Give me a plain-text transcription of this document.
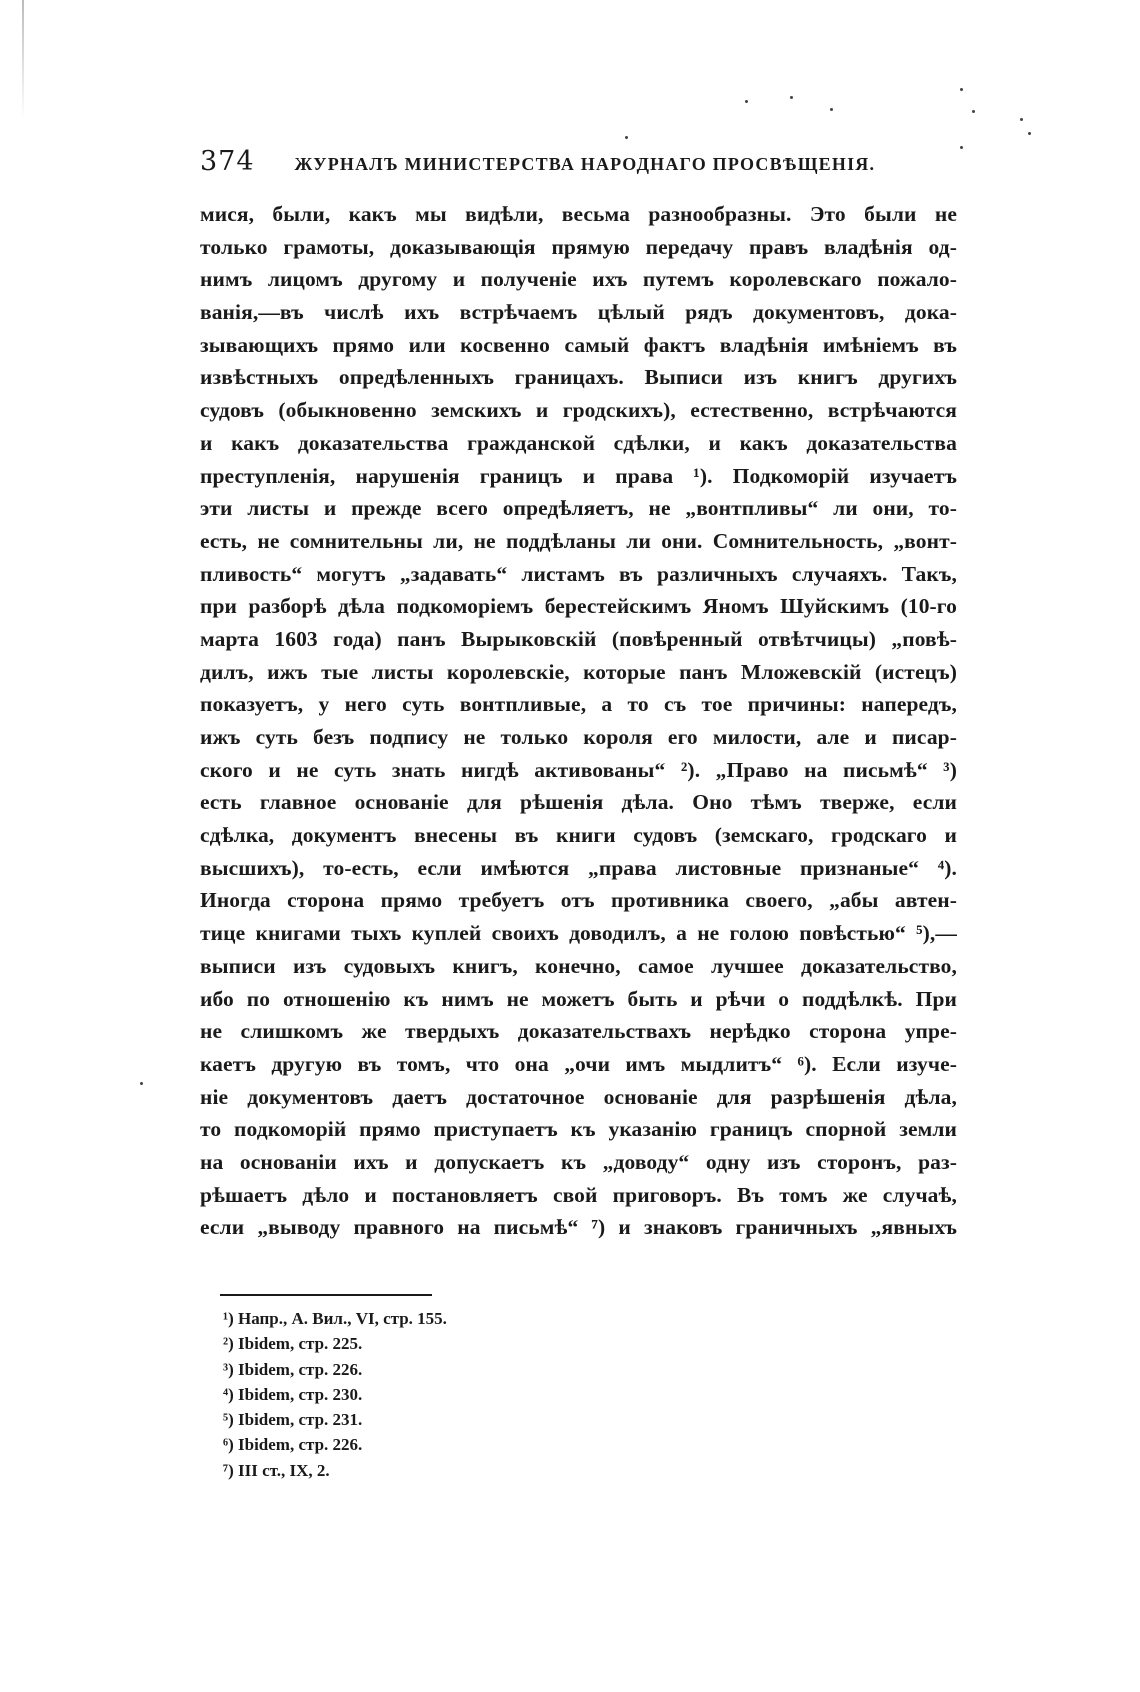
374 ЖУРНАЛЪ МИНИСТЕРСТВА НАРОДНАГО ПРОСВѢЩЕНІЯ.
мися, были, какъ мы видѣли, весьма разнообразны. Это были не
только грамоты, доказывающія прямую передачу правъ владѣнія од-
нимъ лицомъ другому и полученіе ихъ путемъ королевскаго пожало-
ванія,—въ числѣ ихъ встрѣчаемъ цѣлый рядъ документовъ, дока-
зывающихъ прямо или косвенно самый фактъ владѣнія имѣніемъ въ
извѣстныхъ опредѣленныхъ границахъ. Выписи изъ книгъ другихъ
судовъ (обыкновенно земскихъ и гродскихъ), естественно, встрѣчаются
и какъ доказательства гражданской сдѣлки, и какъ доказательства
преступленія, нарушенія границъ и права ¹). Подкоморій изучаетъ
эти листы и прежде всего опредѣляетъ, не „вонтпливы“ ли они, то-
есть, не сомнительны ли, не поддѣланы ли они. Сомнительность, „вонт-
пливость“ могутъ „задавать“ листамъ въ различныхъ случаяхъ. Такъ,
при разборѣ дѣла подкоморіемъ берестейскимъ Яномъ Шуйскимъ (10-го
марта 1603 года) панъ Вырыковскій (повѣренный отвѣтчицы) „повѣ-
дилъ, ижъ тые листы королевскіе, которые панъ Мложевскій (истецъ)
показуетъ, у него суть вонтпливые, а то съ тое причины: напередъ,
ижъ суть безъ подпису не только короля его милости, але и писар-
ского и не суть знать нигдѣ активованы“ ²). „Право на письмѣ“ ³)
есть главное основаніе для рѣшенія дѣла. Оно тѣмъ тверже, если
сдѣлка, документъ внесены въ книги судовъ (земскаго, гродскаго и
высшихъ), то-есть, если имѣются „права листовные признаные“ ⁴).
Иногда сторона прямо требуетъ отъ противника своего, „абы автен-
тице книгами тыхъ куплей своихъ доводилъ, а не голою повѣстью“ ⁵),—
выписи изъ судовыхъ книгъ, конечно, самое лучшее доказательство,
ибо по отношенію къ нимъ не можетъ быть и рѣчи о поддѣлкѣ. При
не слишкомъ же твердыхъ доказательствахъ нерѣдко сторона упре-
каетъ другую въ томъ, что она „очи имъ мыдлитъ“ ⁶). Если изуче-
ніе документовъ даетъ достаточное основаніе для разрѣшенія дѣла,
то подкоморій прямо приступаетъ къ указанію границъ спорной земли
на основаніи ихъ и допускаетъ къ „доводу“ одну изъ сторонъ, раз-
рѣшаетъ дѣло и постановляетъ свой приговоръ. Въ томъ же случаѣ,
если „выводу правного на письмѣ“ ⁷) и знаковъ граничныхъ „явныхъ
¹) Напр., А. Вил., VI, стр. 155.
²) Ibidem, стр. 225.
³) Ibidem, стр. 226.
⁴) Ibidem, стр. 230.
⁵) Ibidem, стр. 231.
⁶) Ibidem, стр. 226.
⁷) III ст., IX, 2.
